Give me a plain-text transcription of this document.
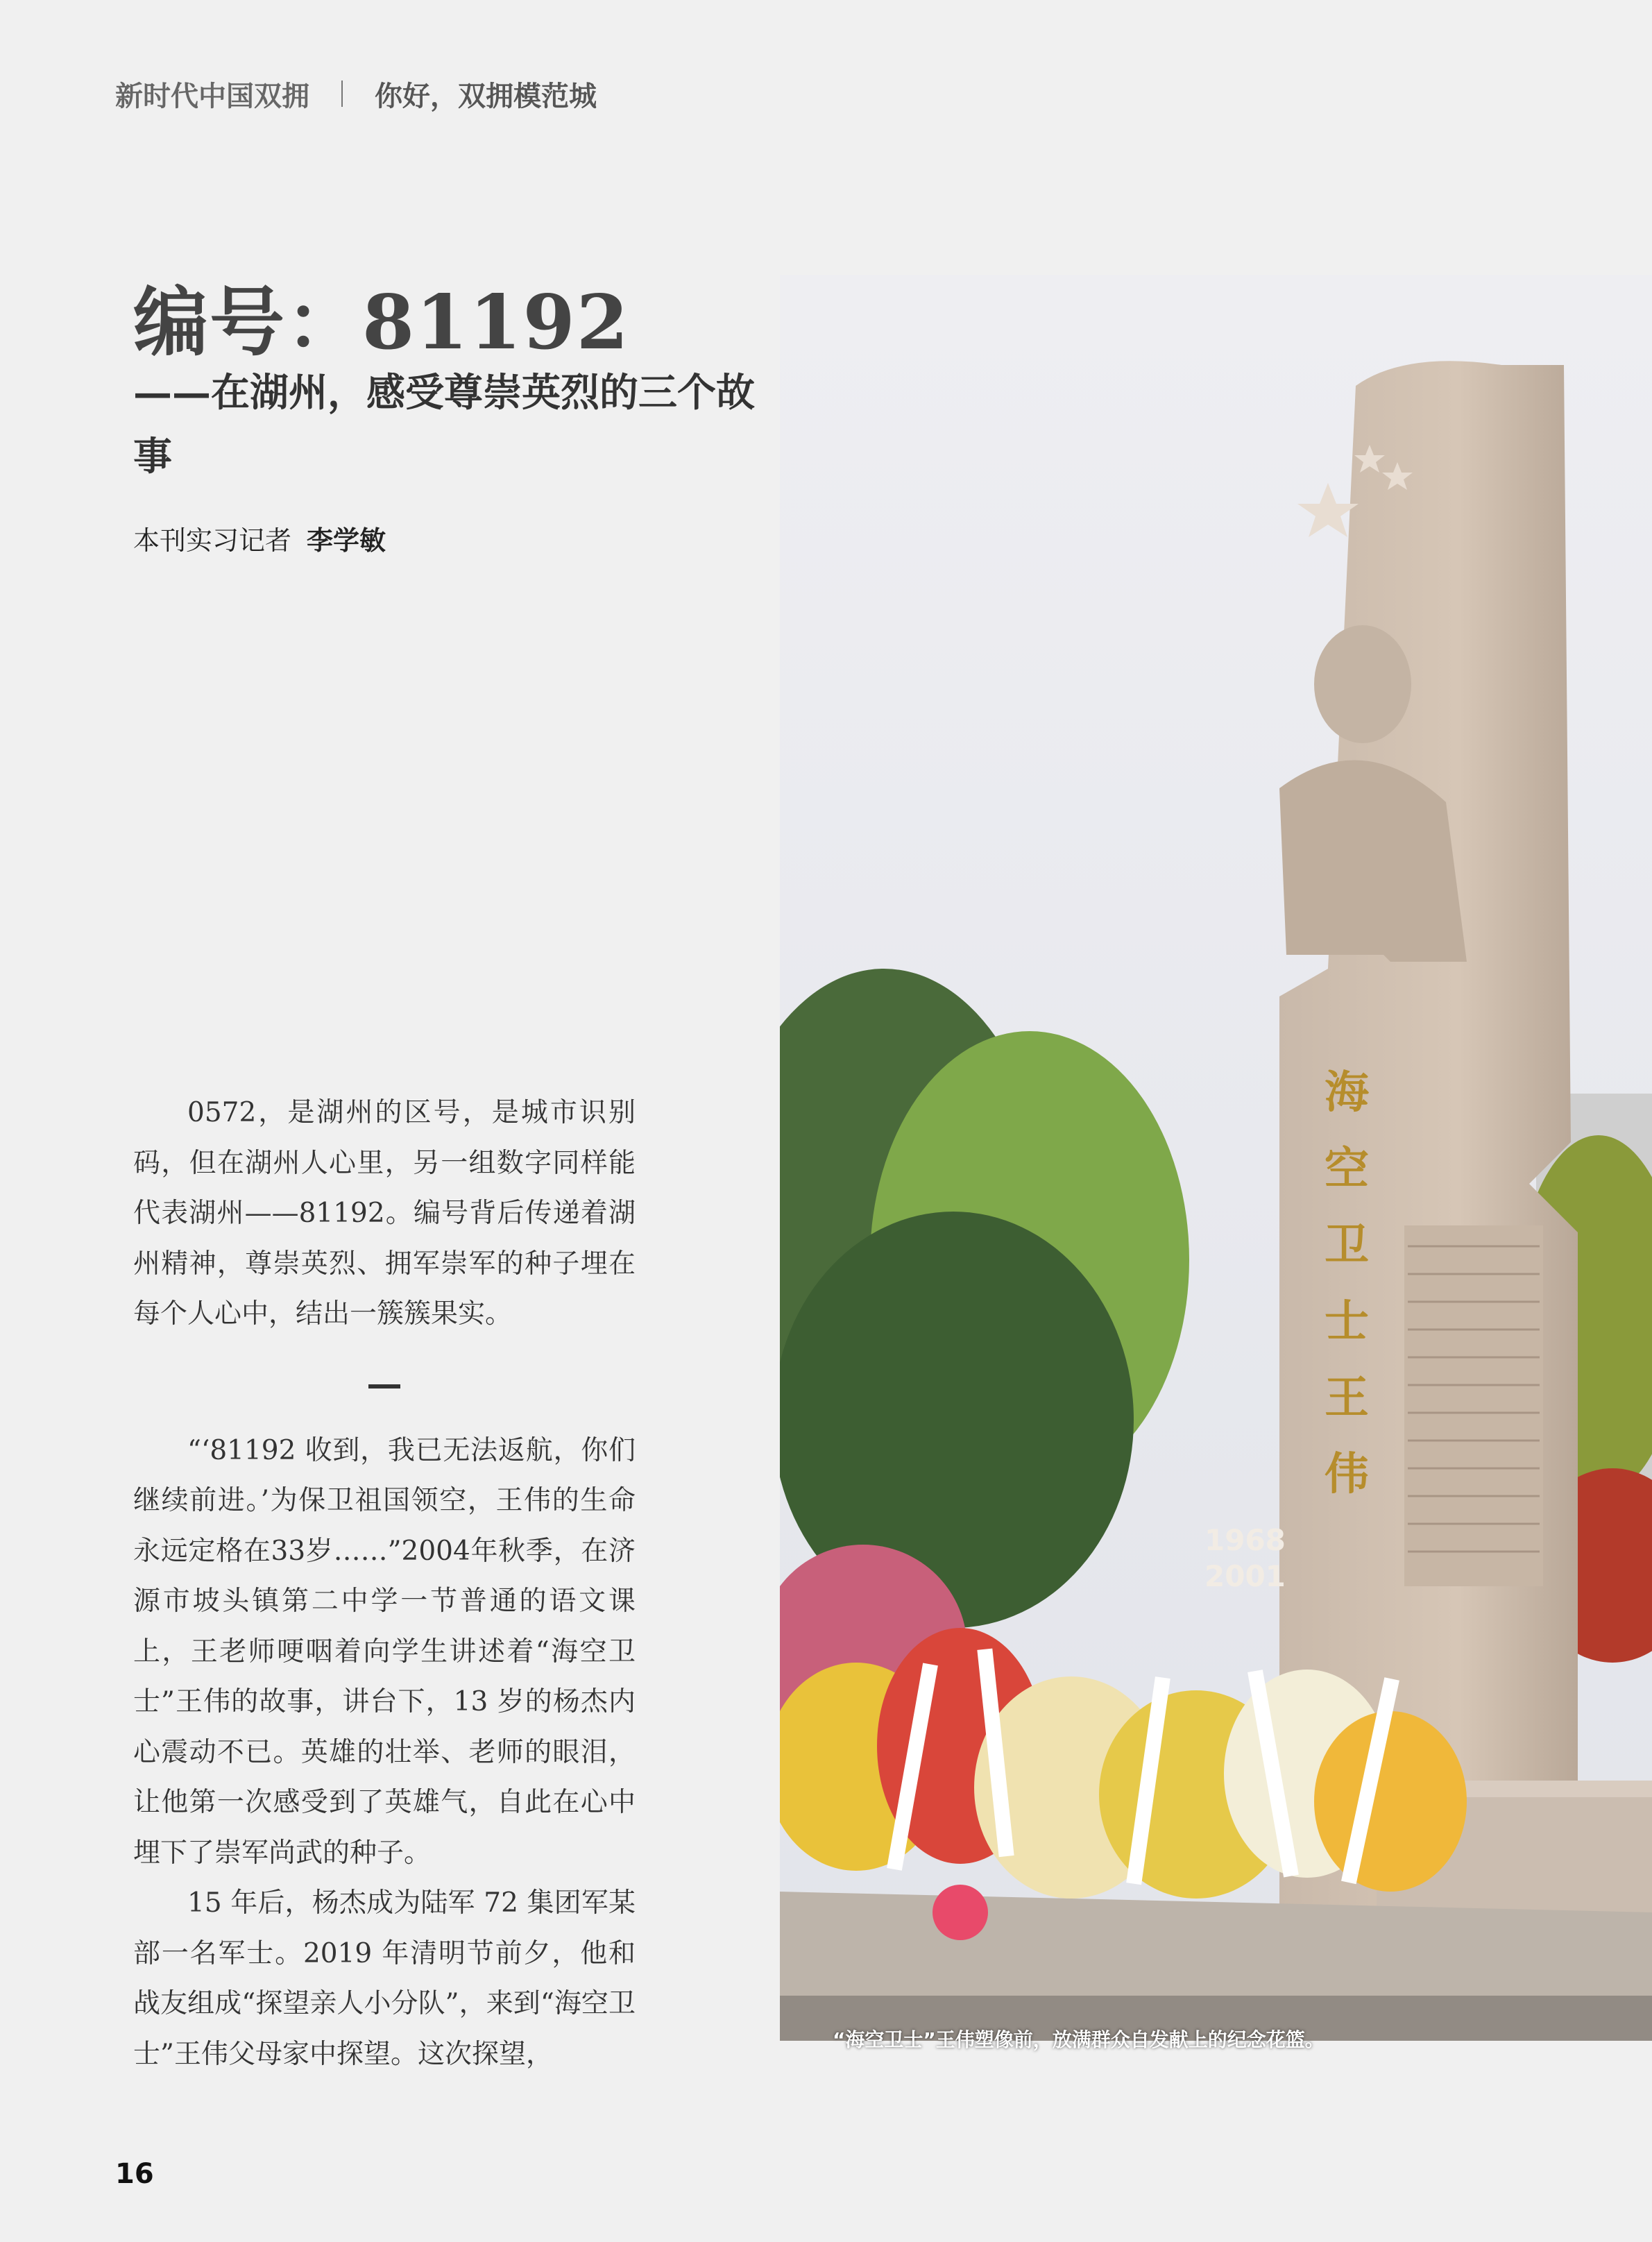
新时代中国双拥 你好，双拥模范城
编号：81192
——在湖州，感受尊崇英烈的三个故事
本刊实习记者 李学敏

0572，是湖州的区号，是城市识别码，但在湖州人心里，另一组数字同样能代表湖州——81192。编号背后传递着湖州精神，尊崇英烈、拥军崇军的种子埋在每个人心中，结出一簇簇果实。

“‘81192 收到，我已无法返航，你们继续前进。’为保卫祖国领空，王伟的生命永远定格在33岁……”2004年秋季，在济源市坡头镇第二中学一节普通的语文课上，王老师哽咽着向学生讲述着“海空卫士”王伟的故事，讲台下，13 岁的杨杰内心震动不已。英雄的壮举、老师的眼泪，让他第一次感受到了英雄气，自此在心中埋下了崇军尚武的种子。

15 年后，杨杰成为陆军 72 集团军某部一名军士。2019 年清明节前夕，他和战友组成“探望亲人小分队”，来到“海空卫士”王伟父母家中探望。这次探望，

海
空
卫
士
王
伟
1968
2001
“海空卫士”王伟塑像前，放满群众自发献上的纪念花篮。
16
